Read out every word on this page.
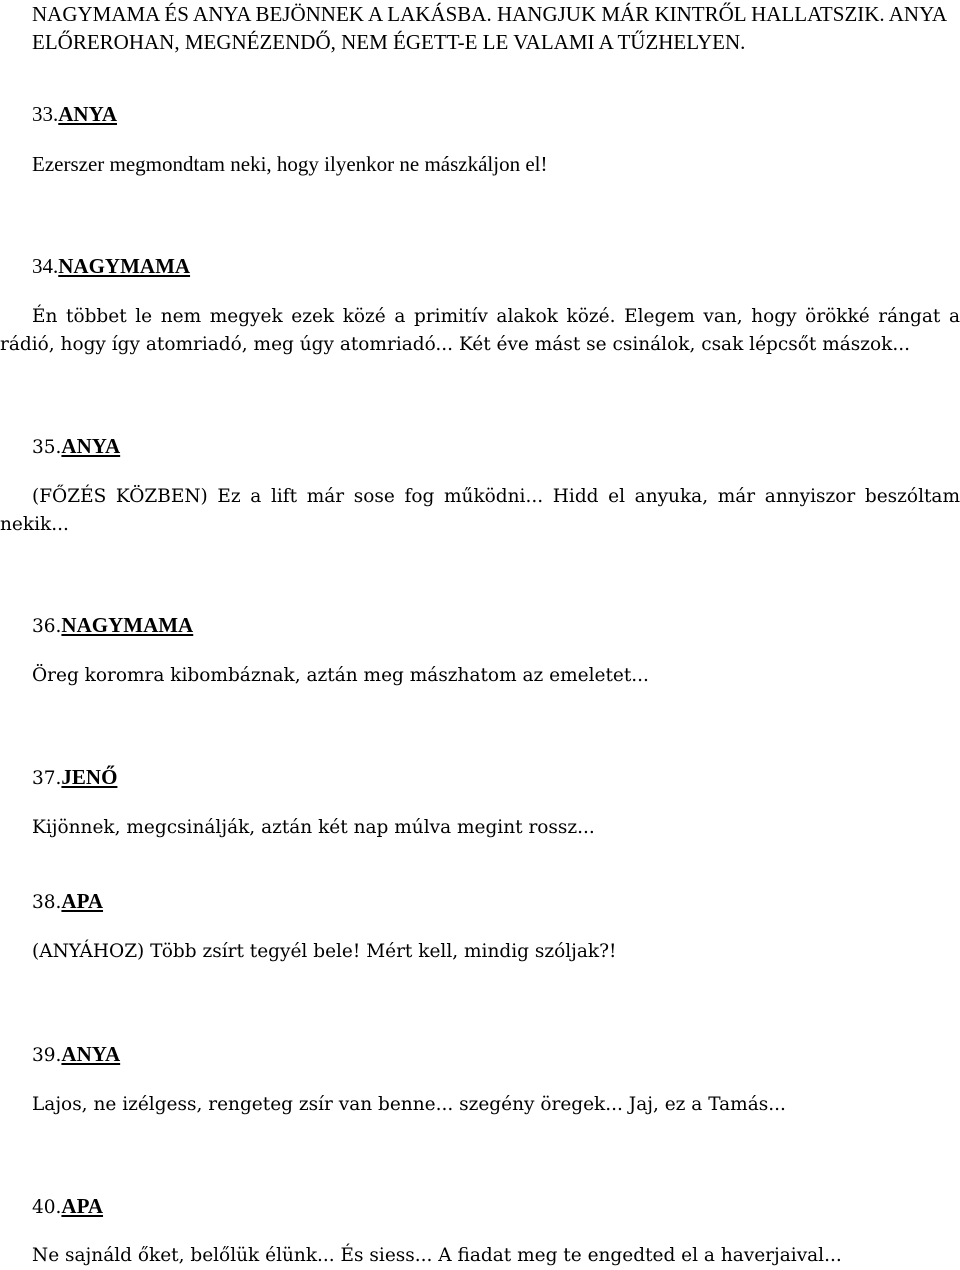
NAGYMAMA ÉS ANYA BEJÖNNEK A LAKÁSBA. HANGJUK MÁR KINTRŐL HALLATSZIK. ANYA

ELŐREROHAN, MEGNÉZENDŐ, NEM ÉGETT-E LE VALAMI A TŰZHELYEN.

33.ANYA

Ezerszer megmondtam neki, hogy ilyenkor ne mászkáljon el!

34.NAGYMAMA

Én többet le nem megyek ezek közé a primitív alakok közé. Elegem van, hogy örökké rángat a rádió, hogy így atomriadó, meg úgy atomriadó... Két éve mást se csinálok, csak lépcsőt mászok...

35.ANYA

(FŐZÉS KÖZBEN) Ez a lift már sose fog működni... Hidd el anyuka, már annyiszor beszóltam nekik...

36.NAGYMAMA

Öreg koromra kibombáznak, aztán meg mászhatom az emeletet...

37.JENŐ

Kijönnek, megcsinálják, aztán két nap múlva megint rossz...

38.APA

(ANYÁHOZ) Több zsírt tegyél bele! Mért kell, mindig szóljak?!

39.ANYA

Lajos, ne izélgess, rengeteg zsír van benne... szegény öregek... Jaj, ez a Tamás...

40.APA

Ne sajnáld őket, belőlük élünk... És siess... A fiadat meg te engedted el a haverjaival...
